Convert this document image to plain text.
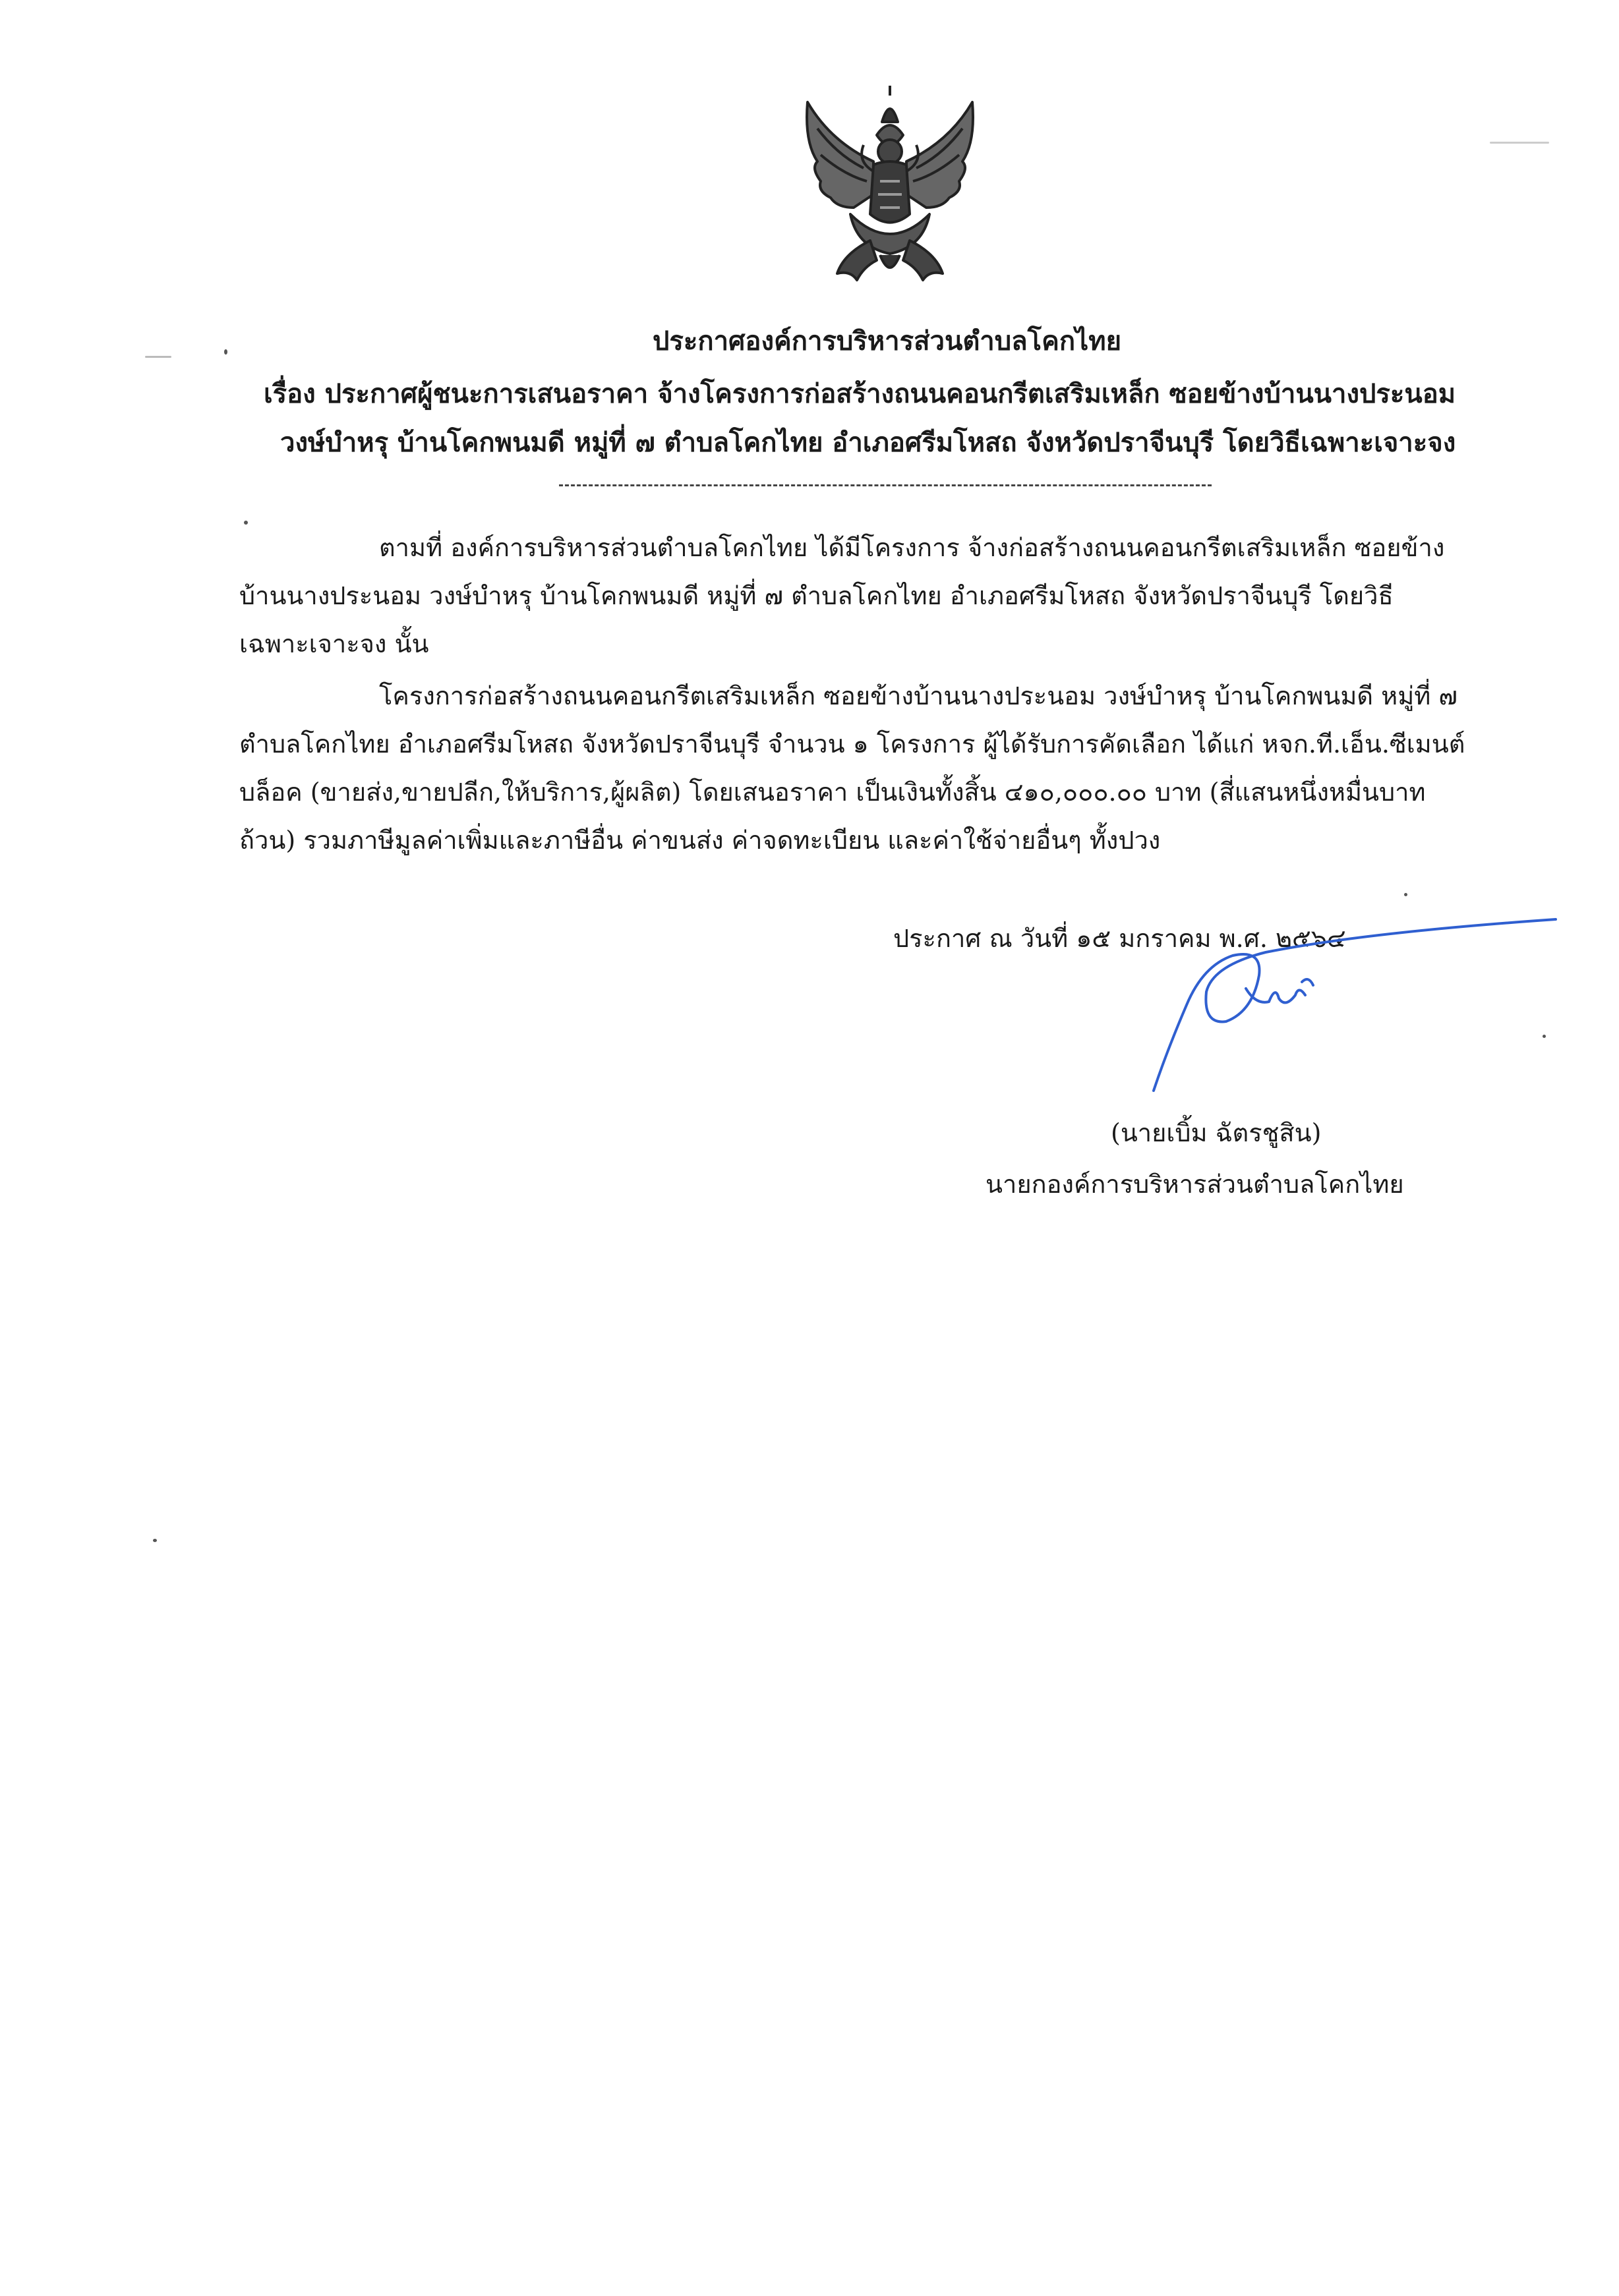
ประกาศองค์การบริหารส่วนตำบลโคกไทย
เรื่อง ประกาศผู้ชนะการเสนอราคา จ้างโครงการก่อสร้างถนนคอนกรีตเสริมเหล็ก ซอยข้างบ้านนางประนอม
วงษ์บำหรุ บ้านโคกพนมดี หมู่ที่ ๗ ตำบลโคกไทย อำเภอศรีมโหสถ จังหวัดปราจีนบุรี โดยวิธีเฉพาะเจาะจง
ตามที่ องค์การบริหารส่วนตำบลโคกไทย ได้มีโครงการ จ้างก่อสร้างถนนคอนกรีตเสริมเหล็ก ซอยข้าง
บ้านนางประนอม วงษ์บำหรุ บ้านโคกพนมดี หมู่ที่ ๗ ตำบลโคกไทย อำเภอศรีมโหสถ จังหวัดปราจีนบุรี โดยวิธี
เฉพาะเจาะจง นั้น
โครงการก่อสร้างถนนคอนกรีตเสริมเหล็ก ซอยข้างบ้านนางประนอม วงษ์บำหรุ บ้านโคกพนมดี หมู่ที่ ๗
ตำบลโคกไทย อำเภอศรีมโหสถ จังหวัดปราจีนบุรี จำนวน ๑ โครงการ ผู้ได้รับการคัดเลือก ได้แก่ หจก.ที.เอ็น.ซีเมนต์
บล็อค (ขายส่ง,ขายปลีก,ให้บริการ,ผู้ผลิต) โดยเสนอราคา เป็นเงินทั้งสิ้น ๔๑๐,๐๐๐.๐๐ บาท (สี่แสนหนึ่งหมื่นบาท
ถ้วน) รวมภาษีมูลค่าเพิ่มและภาษีอื่น ค่าขนส่ง ค่าจดทะเบียน และค่าใช้จ่ายอื่นๆ ทั้งปวง
ประกาศ ณ วันที่ ๑๕ มกราคม พ.ศ. ๒๕๖๔
(นายเบิ้ม ฉัตรชูสิน)
นายกองค์การบริหารส่วนตำบลโคกไทย
